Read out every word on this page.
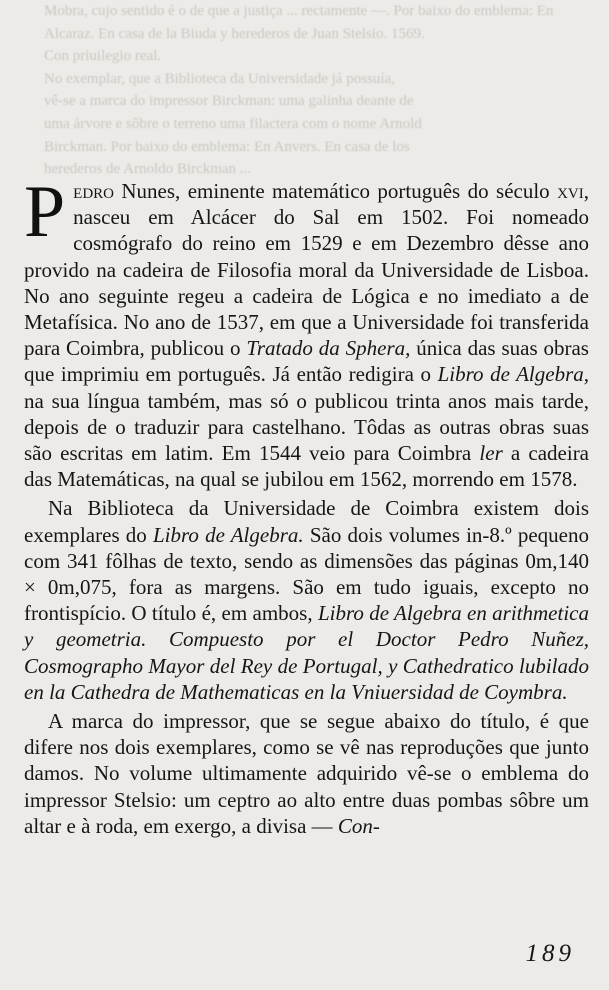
Mobra, cujo sentido é o de que a justiça ... rectamente —. Por baixo do emblema: En

Alcaraz. En casa de la Biuda y herederos de Juan Stelsio. 1569.

Con priuilegio real.

No exemplar, que a Biblioteca da Universidade já possuía,

vê-se a marca do impressor Birckman: uma galinha deante de

uma árvore e sôbre o terreno uma filactera com o nome Arnold

Birckman. Por baixo do emblema: En Anvers. En casa de los

herederos de Arnoldo Birckman ...

Pedro Nunes, eminente matemático português do século xvi, nasceu em Alcácer do Sal em 1502. Foi nomeado cosmógrafo do reino em 1529 e em Dezembro dêsse ano provido na cadeira de Filosofia moral da Universidade de Lisboa. No ano seguinte regeu a cadeira de Lógica e no imediato a de Metafísica. No ano de 1537, em que a Universidade foi transferida para Coimbra, publicou o Tratado da Sphera, única das suas obras que imprimiu em português. Já então redigira o Libro de Algebra, na sua língua também, mas só o publicou trinta anos mais tarde, depois de o traduzir para castelhano. Tôdas as outras obras suas são escritas em latim. Em 1544 veio para Coimbra ler a cadeira das Matemáticas, na qual se jubilou em 1562, morrendo em 1578.

Na Biblioteca da Universidade de Coimbra existem dois exemplares do Libro de Algebra. São dois volumes in-8.º pequeno com 341 fôlhas de texto, sendo as dimensões das páginas 0m,140 × 0m,075, fora as margens. São em tudo iguais, excepto no frontispício. O título é, em ambos, Libro de Algebra en arithmetica y geometria. Compuesto por el Doctor Pedro Nuñez, Cosmographo Mayor del Rey de Portugal, y Cathedratico lubilado en la Cathedra de Mathematicas en la Vniuersidad de Coymbra.

A marca do impressor, que se segue abaixo do título, é que difere nos dois exemplares, como se vê nas reproduções que junto damos. No volume ultimamente adquirido vê-se o emblema do impressor Stelsio: um ceptro ao alto entre duas pombas sôbre um altar e à roda, em exergo, a divisa — Con-

189
